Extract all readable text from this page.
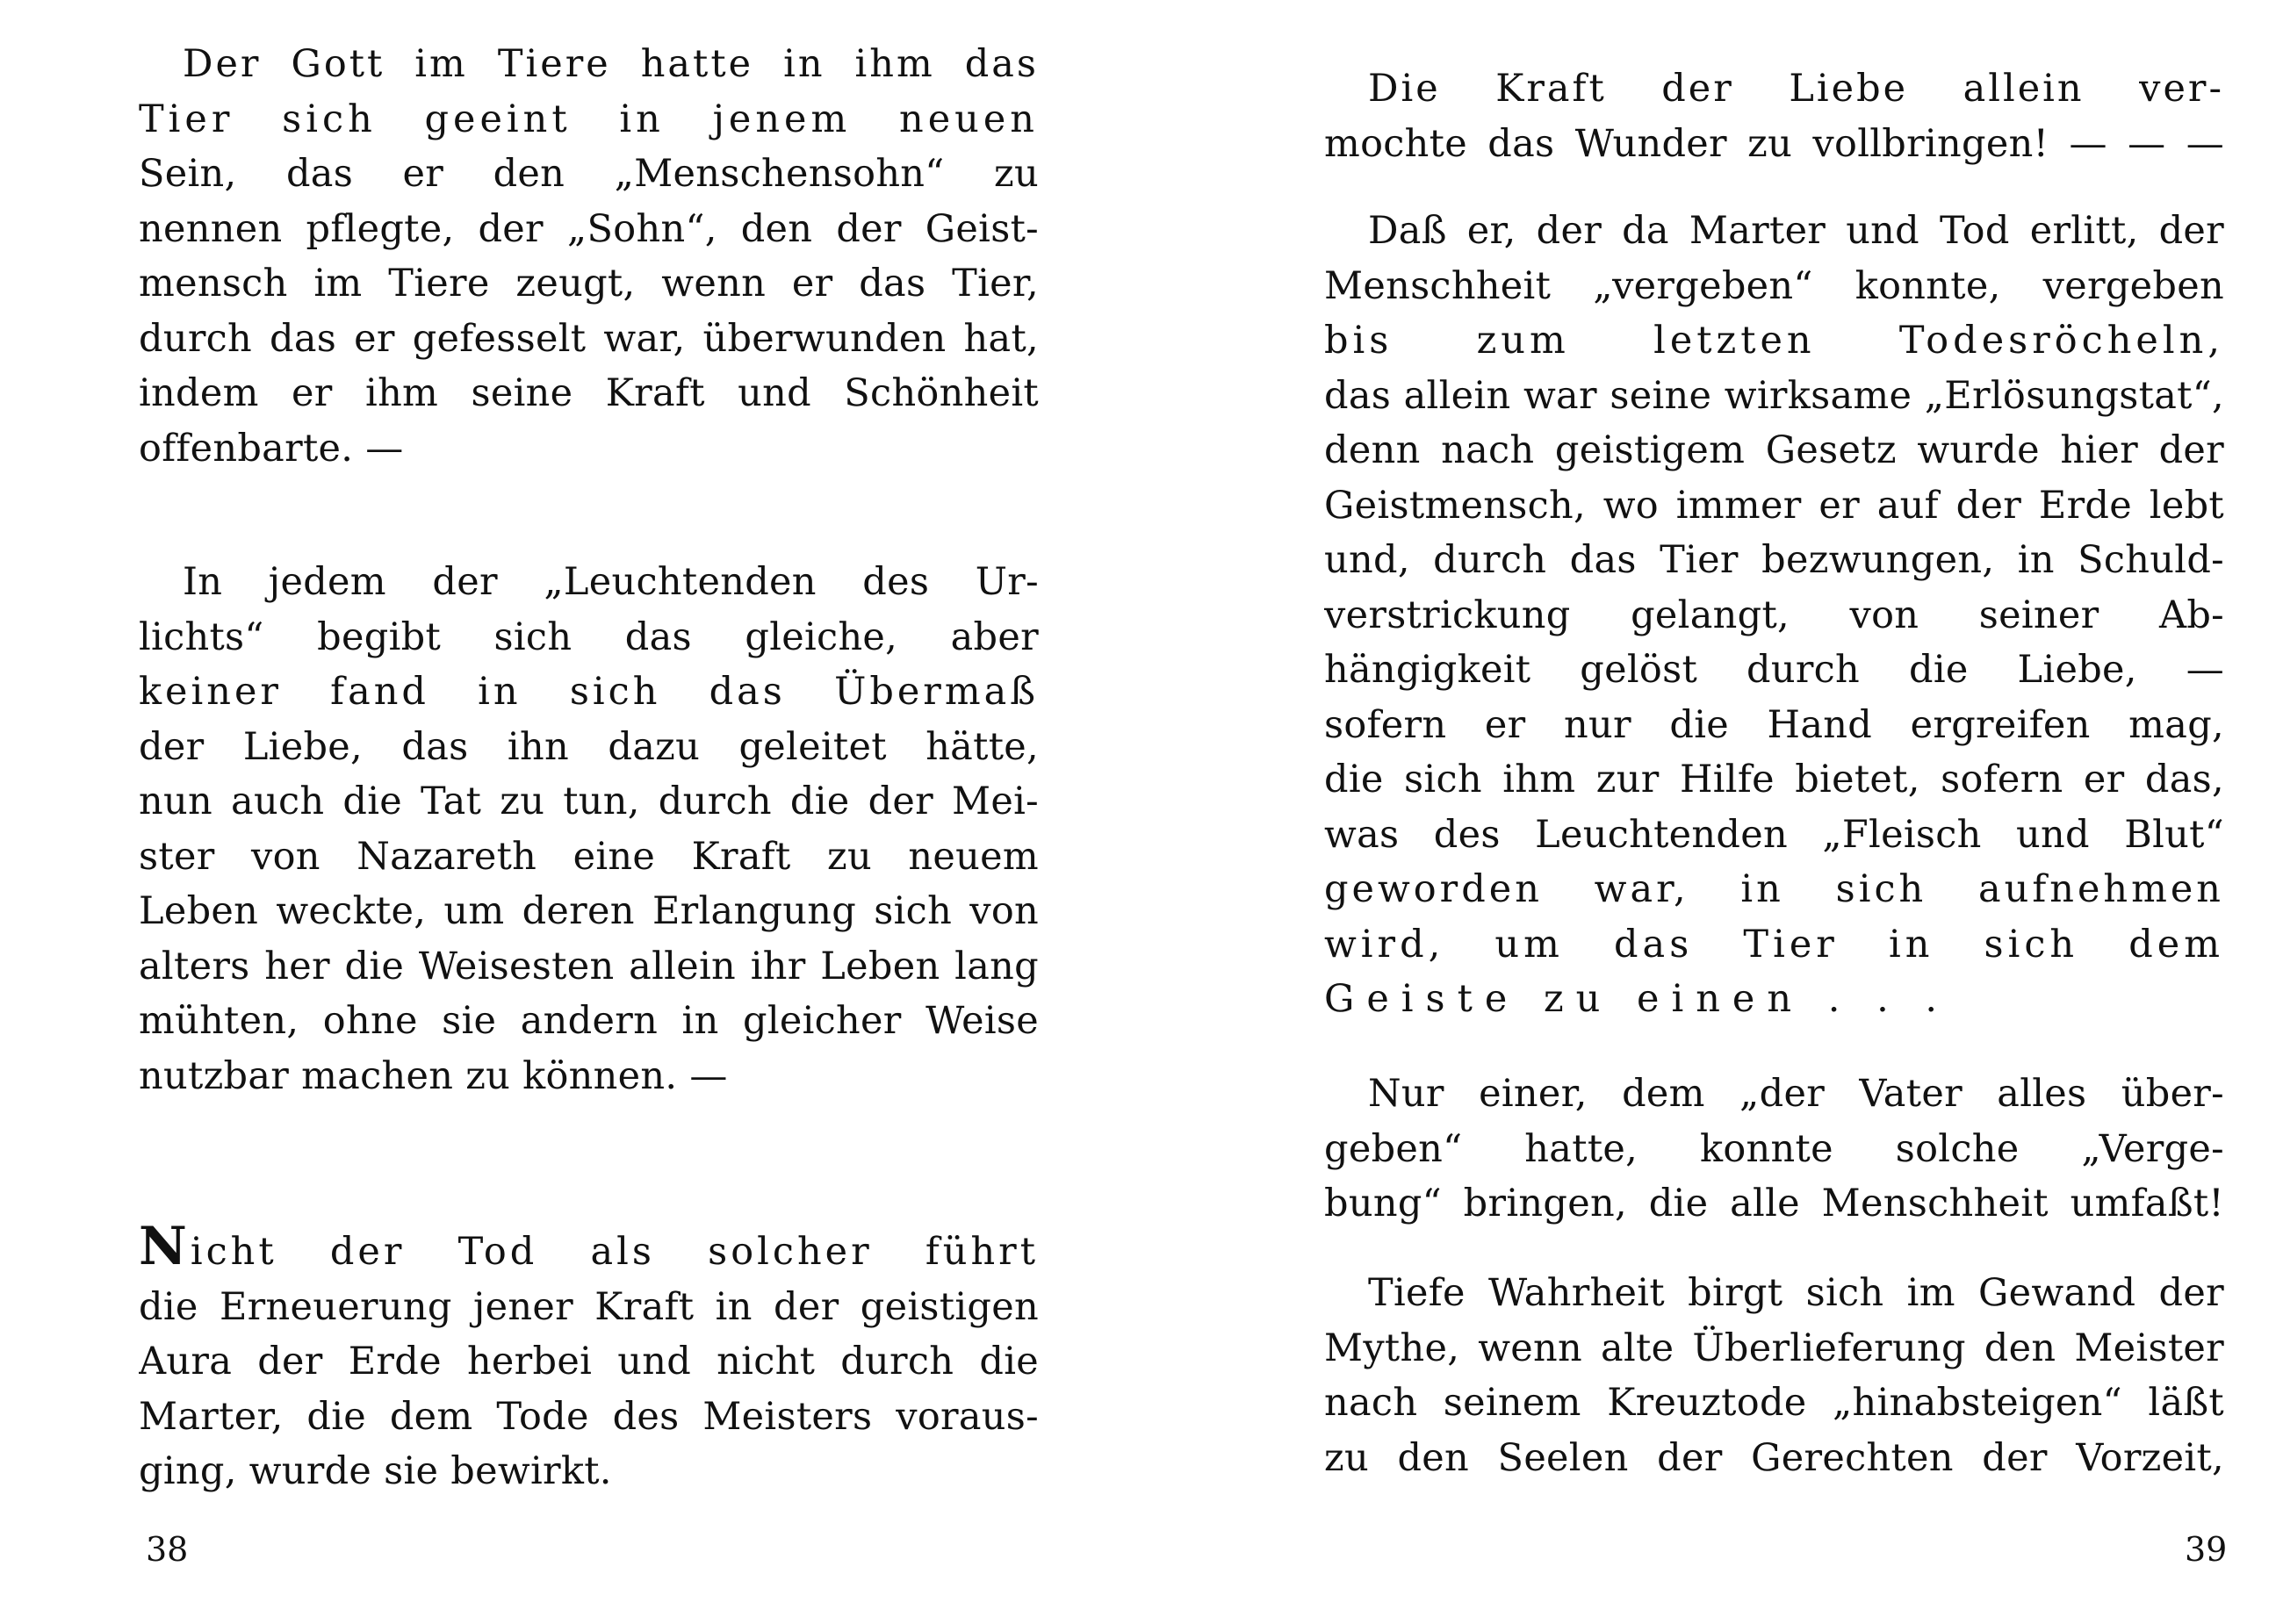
Der Gott im Tiere hatte in ihm das
Tier sich geeint in jenem neuen
Sein, das er den „Menschensohn“ zu
nennen pflegte, der „Sohn“, den der Geist-
mensch im Tiere zeugt, wenn er das Tier,
durch das er gefesselt war, überwunden hat,
indem er ihm seine Kraft und Schönheit
offenbarte. —
In jedem der „Leuchtenden des Ur-
lichts“ begibt sich das gleiche, aber
keiner fand in sich das Übermaß
der Liebe, das ihn dazu geleitet hätte,
nun auch die Tat zu tun, durch die der Mei-
ster von Nazareth eine Kraft zu neuem
Leben weckte, um deren Erlangung sich von
alters her die Weisesten allein ihr Leben lang
mühten, ohne sie andern in gleicher Weise
nutzbar machen zu können. —
Nicht der Tod als solcher führt
die Erneuerung jener Kraft in der geistigen
Aura der Erde herbei und nicht durch die
Marter, die dem Tode des Meisters voraus-
ging, wurde sie bewirkt.
38
Die Kraft der Liebe allein ver-
mochte das Wunder zu vollbringen! — — —
Daß er, der da Marter und Tod erlitt, der
Menschheit „vergeben“ konnte, vergeben
bis zum letzten Todesröcheln,
das allein war seine wirksame „Erlösungstat“,
denn nach geistigem Gesetz wurde hier der
Geistmensch, wo immer er auf der Erde lebt
und, durch das Tier bezwungen, in Schuld-
verstrickung gelangt, von seiner Ab-
hängigkeit gelöst durch die Liebe, —
sofern er nur die Hand ergreifen mag,
die sich ihm zur Hilfe bietet, sofern er das,
was des Leuchtenden „Fleisch und Blut“
geworden war, in sich aufnehmen
wird, um das Tier in sich dem
Geiste zu einen . . .
Nur einer, dem „der Vater alles über-
geben“ hatte, konnte solche „Verge-
bung“ bringen, die alle Menschheit umfaßt!
Tiefe Wahrheit birgt sich im Gewand der
Mythe, wenn alte Überlieferung den Meister
nach seinem Kreuztode „hinabsteigen“ läßt
zu den Seelen der Gerechten der Vorzeit,
39
